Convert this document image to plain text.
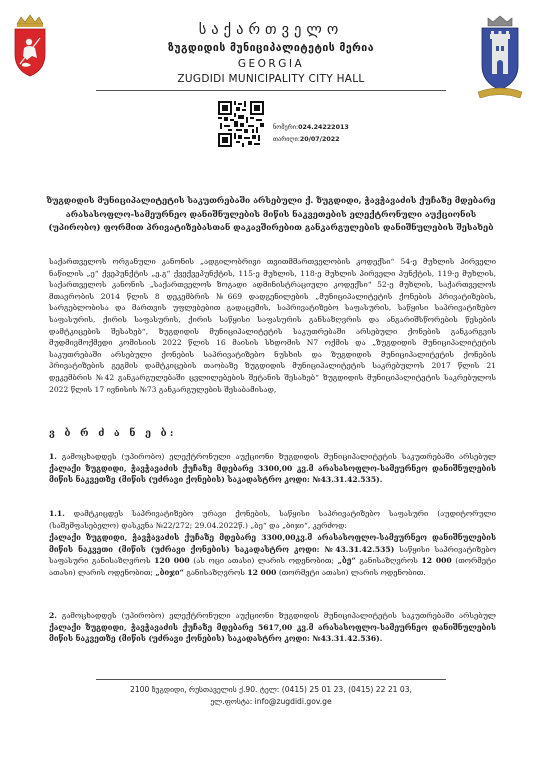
საქართველო
ზუგდიდის მუნიციპალიტეტის მერია
GEORGIA
ZUGDIDI MUNICIPALITY CITY HALL
ნომერი:024.24222013
თარიღი:20/07/2022
ზუგდიდის მუნიციპალიტეტის საკუთრებაში არსებული ქ. ზუგდიდი, ჭავჭავაძის ქუჩაზე მდებარე არასასოფლო-სამეურნეო დანიშნულების მიწის ნაკვეთების ელექტრონული აუქციონის (უპირობო) ფორმით პრივატიზებასთან დაკავშირებით განკარგულების დანიშნულების შესახებ
საქართველოს ორგანული კანონის „ადგილობრივი თვითმმართველობის კოდექსი“ 54-ე მუხლის პირველი ნაწილის „ე“ ქვეპუნქტის „ე.გ“ ქვექვეპუნქტის, 115-ე მუხლის, 118-ე მუხლის პირველი პუნქტის, 119-ე მუხლის, საქართველოს კანონის „საქართველოს ზოგადი ადმინისტრაციული კოდექსი“ 52-ე მუხლის, საქართველოს მთავრობის 2014 წლის 8 დეკემბრის №669 დადგენილების „მუნიციპალიტეტის ქონების პრივატიზების, სარგებლობისა და მართვის უფლებებით გადაცემის, საპრივატიზებო საფასურის, საწყისი საპრივატიზებო საფასურის, ქირის საფასურის, ქირის საწყისი საფასურის განსაზღვრის და ანგარიშსწორების წესების დამტკიცების შესახებ“, ზუგდიდის მუნიციპალიტეტის საკუთრებაში არსებული ქონების განკარგვის მუდმივმოქმედი კომისიის 2022 წლის 16 მაისის სხდომის N7 ოქმის და „ზუგდიდის მუნიციპალიტეტის საკუთრებაში არსებული ქონების საპრივატიზებო ნუსხის და ზუგდიდის მუნიციპალიტეტის ქონების პრივატიზების გეგმის დამტკიცების თაობაზე ზუგდიდის მუნიციპალიტეტის საკრებულოს 2017 წლის 21 დეკემბრის №42 განკარგულებაში ცვლილებების შეტანის შესახებ“ ზუგდიდის მუნიციპალიტეტის საკრებულოს 2022 წლის 17 ივნისის №73 განკარგულების შესაბამისად,
ვ ბ რ ძ ა ნ ე ბ:
1. გამოცხადდეს (უპირობო) ელექტრონული აუქციონი ზუგდიდის მუნიციპალიტეტის საკუთრებაში არსებულ ქალაქი ზუგდიდი, ჭავჭავაძის ქუჩაზე მდებარე 3300,00 კვ.მ არასასოფლო-სამეურნეო დანიშნულების მიწის ნაკვეთზე (მიწის (უძრავი ქონების) საკადასტრო კოდი: №43.31.42.535).
1.1. დამტკიცდეს საპრივატიზებო ურავი ქონების, საწყისი საპრივატიზებო საფასური (აუდიტორული (საშემფასებელო) დასკვნა №22/272; 29.04.2022წ.) „ბე“ და „ბიჯი“, კერძოდ:
ქალაქი ზუგდიდი, ჭავჭავაძის ქუჩაზე მდებარე 3300,00კვ.მ არასასოფლო-სამეურნეო დანიშნულების მიწის ნაკვეთი (მიწის (უძრავი ქონების) საკადასტრო კოდი: №43.31.42.535) საწყისი საპრივატიზებო საფასური განისაზღვროს 120 000 (ას ოცი ათასი) ლარის ოდენობით; „ბე“ განისაზღვროს 12 000 (თორმეტი ათასი) ლარის ოდენობით; „ბიჯი“ განისაზღვროს 12 000 (თორმეტი ათასი) ლარის ოდენობით.
2. გამოცხადდეს (უპირობო) ელექტრონული აუქციონი ზუგდიდის მუნიციპალიტეტის საკუთრებაში არსებულ ქალაქი ზუგდიდი, ჭავჭავაძის ქუჩაზე მდებარე 5617,00 კვ.მ არასასოფლო-სამეურნეო დანიშნულების მიწის ნაკვეთზე (მიწის (უძრავი ქონების) საკადასტრო კოდი: №43.31.42.536).
2100 ზუგდიდი, რუსთაველის ქ.90. ტელ: (0415) 25 01 23, (0415) 22 21 03,
ელ.ფოსტა: info@zugdidi.gov.ge
